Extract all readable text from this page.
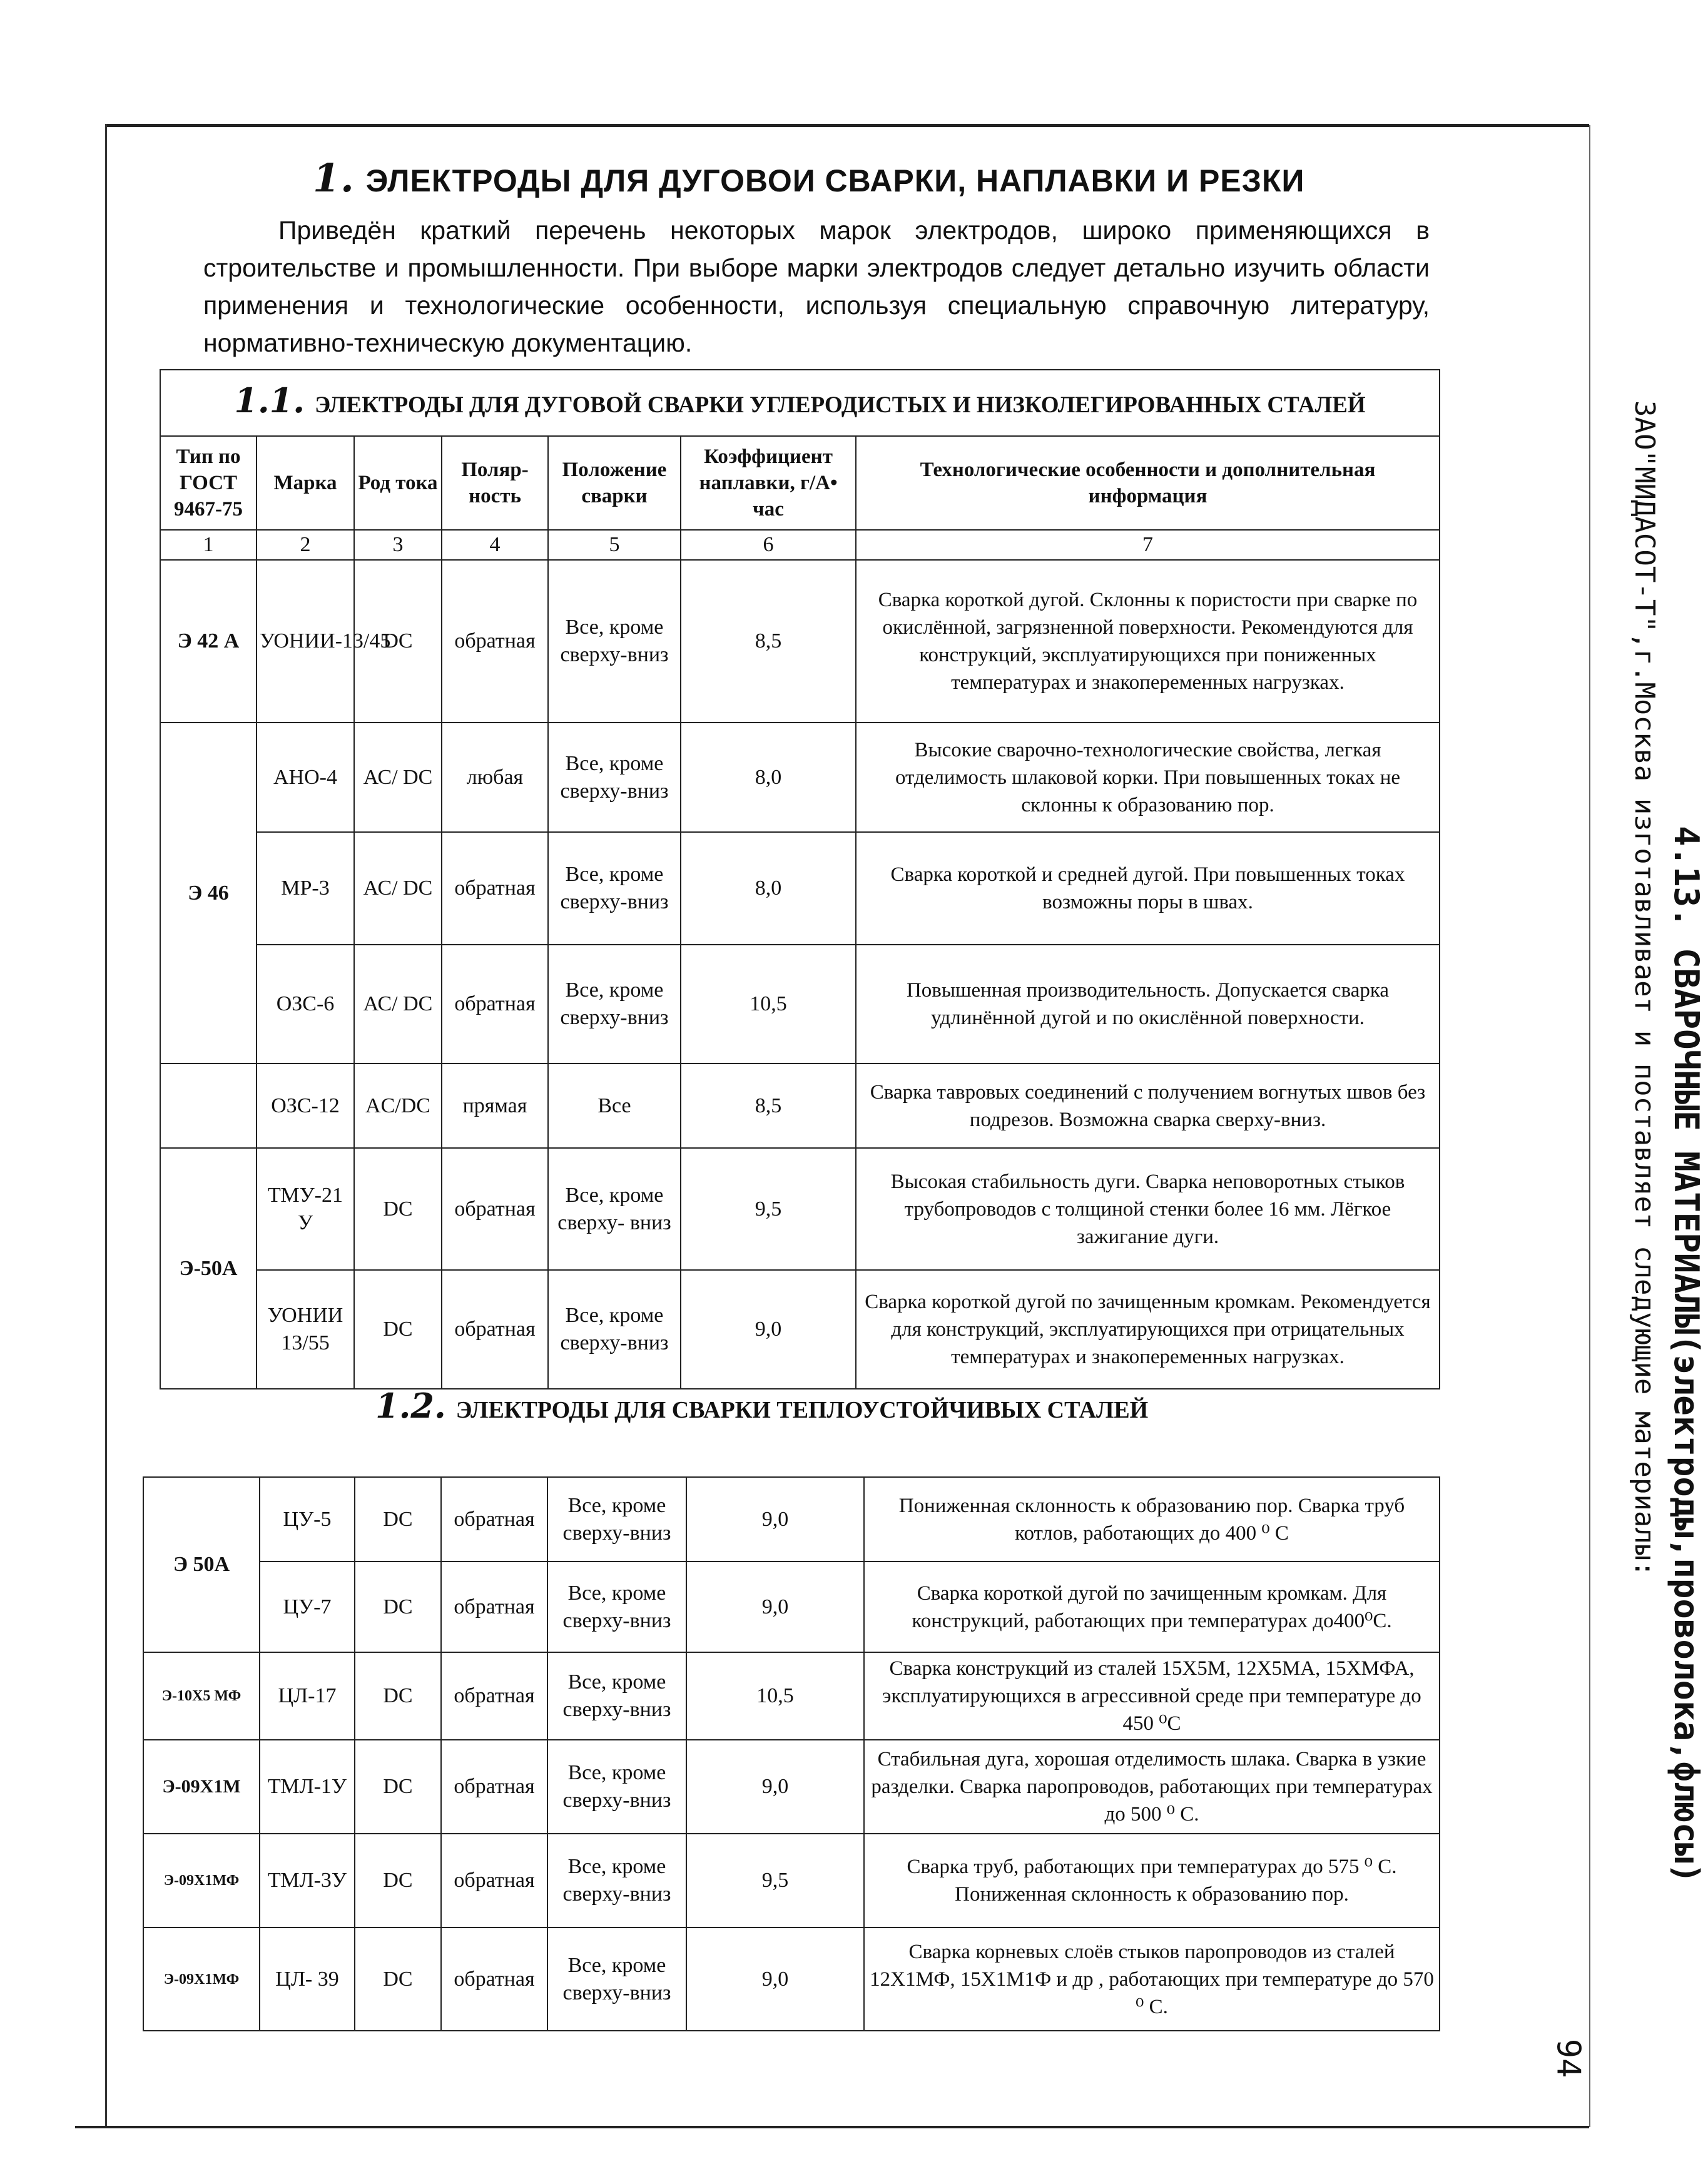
1. ЭЛЕКТРОДЫ ДЛЯ ДУГОВОИ СВАРКИ, НАПЛАВКИ И РЕЗКИ
Приведён краткий перечень некоторых марок электродов, широко применяющихся в строительстве и промышленности. При выборе марки электродов следует детально изучить области применения и технологические особенности, используя специальную справочную литературу, нормативно-техническую документацию.
1.1. ЭЛЕКТРОДЫ ДЛЯ ДУГОВОЙ СВАРКИ УГЛЕРОДИСТЫХ И НИЗКОЛЕГИРОВАННЫХ СТАЛЕЙ						
Тип по ГОСТ 9467-75	Марка	Род тока	Поляр-ность	Положение сварки	Коэффициент наплавки, г/А• час	Технологические особенности и дополнительная информация
1	2	3	4	5	6	7
Э 42 А	УОНИИ-13/45	DC	обратная	Все, кроме сверху-вниз	8,5	Сварка короткой дугой. Склонны к пористости при сварке по окислённой, загрязненной поверхности. Рекомендуются для конструкций, эксплуатирующихся при пониженных температурах и знакопеременных нагрузках.
Э 46	АНО-4	АС/ DC	любая	Все, кроме сверху-вниз	8,0	Высокие сварочно-технологические свойства, легкая отделимость шлаковой корки. При повышенных токах не склонны к образованию пор.
	МР-3	АС/ DC	обратная	Все, кроме сверху-вниз	8,0	Сварка короткой и средней дугой. При повышенных токах возможны поры в швах.
	ОЗС-6	АС/ DC	обратная	Все, кроме сверху-вниз	10,5	Повышенная производительность. Допускается сварка удлинённой дугой и по окислённой поверхности.
	ОЗС-12	AC/DC	прямая	Все	8,5	Сварка тавровых соединений с получением вогнутых швов без подрезов. Возможна сварка сверху-вниз.
Э-50А	ТМУ-21 У	DC	обратная	Все, кроме сверху- вниз	9,5	Высокая стабильность дуги. Сварка неповоротных стыков трубопроводов с толщиной стенки более 16 мм. Лёгкое зажигание дуги.
	УОНИИ 13/55	DC	обратная	Все, кроме сверху-вниз	9,0	Сварка короткой дугой по зачищенным кромкам. Рекомендуется для конструкций, эксплуатирующихся при отрицательных температурах и знакопеременных нагрузках.
1.2. ЭЛЕКТРОДЫ ДЛЯ СВАРКИ ТЕПЛОУСТОЙЧИВЫХ СТАЛЕЙ
Э 50А	ЦУ-5	DC	обратная	Все, кроме сверху-вниз	9,0	Пониженная склонность к образованию пор. Сварка труб котлов, работающих до 400 ⁰ С
	ЦУ-7	DC	обратная	Все, кроме сверху-вниз	9,0	Сварка короткой дугой по зачищенным кромкам. Для конструкций, работающих при температурах до400⁰С.
Э-10Х5 МФ	ЦЛ-17	DC	обратная	Все, кроме сверху-вниз	10,5	Сварка конструкций из сталей 15Х5М, 12Х5МА, 15ХМФА, эксплуатирующихся в агрессивной среде при температуре до 450 ⁰С
Э-09Х1М	ТМЛ-1У	DC	обратная	Все, кроме сверху-вниз	9,0	Стабильная дуга, хорошая отделимость шлака. Сварка в узкие разделки. Сварка паропроводов, работающих при температурах до 500 ⁰ С.
Э-09Х1МФ	ТМЛ-3У	DC	обратная	Все, кроме сверху-вниз	9,5	Сварка труб, работающих при температурах до 575 ⁰ С. Пониженная склонность к образованию пор.
Э-09Х1МФ	ЦЛ- 39	DC	обратная	Все, кроме сверху-вниз	9,0	Сварка корневых слоёв стыков паропроводов из сталей 12Х1МФ, 15Х1М1Ф и др , работающих при температуре до 570 ⁰ С.
4.13. СВАРОЧНЫЕ МАТЕРИАЛЫ(электроды,проволока,флюсы)
ЗАО"МИДАСОТ-Т",г.Москва изготавливает и поставляет следующие материалы:
94
